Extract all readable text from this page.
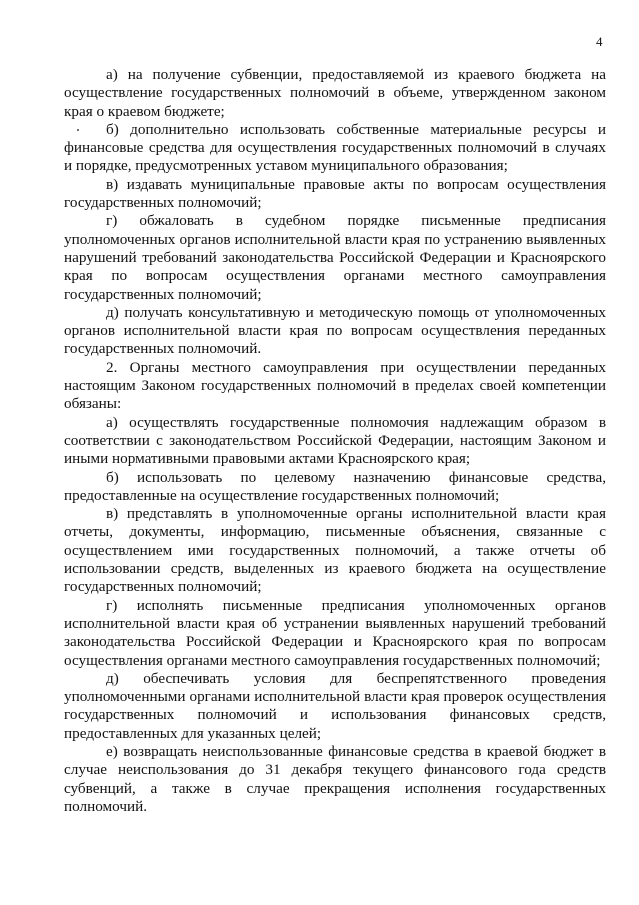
4

а) на получение субвенции, предоставляемой из краевого бюджета на осуществление государственных полномочий в объеме, утвержденном законом края о краевом бюджете;

б) дополнительно использовать собственные материальные ресурсы и финансовые средства для осуществления государственных полномочий в случаях и порядке, предусмотренных уставом муниципального образования;

в) издавать муниципальные правовые акты по вопросам осуществления государственных полномочий;

г) обжаловать в судебном порядке письменные предписания уполномоченных органов исполнительной власти края по устранению выявленных нарушений требований законодательства Российской Федерации и Красноярского края по вопросам осуществления органами местного самоуправления государственных полномочий;

д) получать консультативную и методическую помощь от уполномоченных органов исполнительной власти края по вопросам осуществления переданных государственных полномочий.

2. Органы местного самоуправления при осуществлении переданных настоящим Законом государственных полномочий в пределах своей компетенции обязаны:

а) осуществлять государственные полномочия надлежащим образом в соответствии с законодательством Российской Федерации, настоящим Законом и иными нормативными правовыми актами Красноярского края;

б) использовать по целевому назначению финансовые средства, предоставленные на осуществление государственных полномочий;

в) представлять в уполномоченные органы исполнительной власти края отчеты, документы, информацию, письменные объяснения, связанные с осуществлением ими государственных полномочий, а также отчеты об использовании средств, выделенных из краевого бюджета на осуществление государственных полномочий;

г) исполнять письменные предписания уполномоченных органов исполнительной власти края об устранении выявленных нарушений требований законодательства Российской Федерации и Красноярского края по вопросам осуществления органами местного самоуправления государственных полномочий;

д) обеспечивать условия для беспрепятственного проведения уполномоченными органами исполнительной власти края проверок осуществления государственных полномочий и использования финансовых средств, предоставленных для указанных целей;

е) возвращать неиспользованные финансовые средства в краевой бюджет в случае неиспользования до 31 декабря текущего финансового года средств субвенций, а также в случае прекращения исполнения государственных полномочий.
